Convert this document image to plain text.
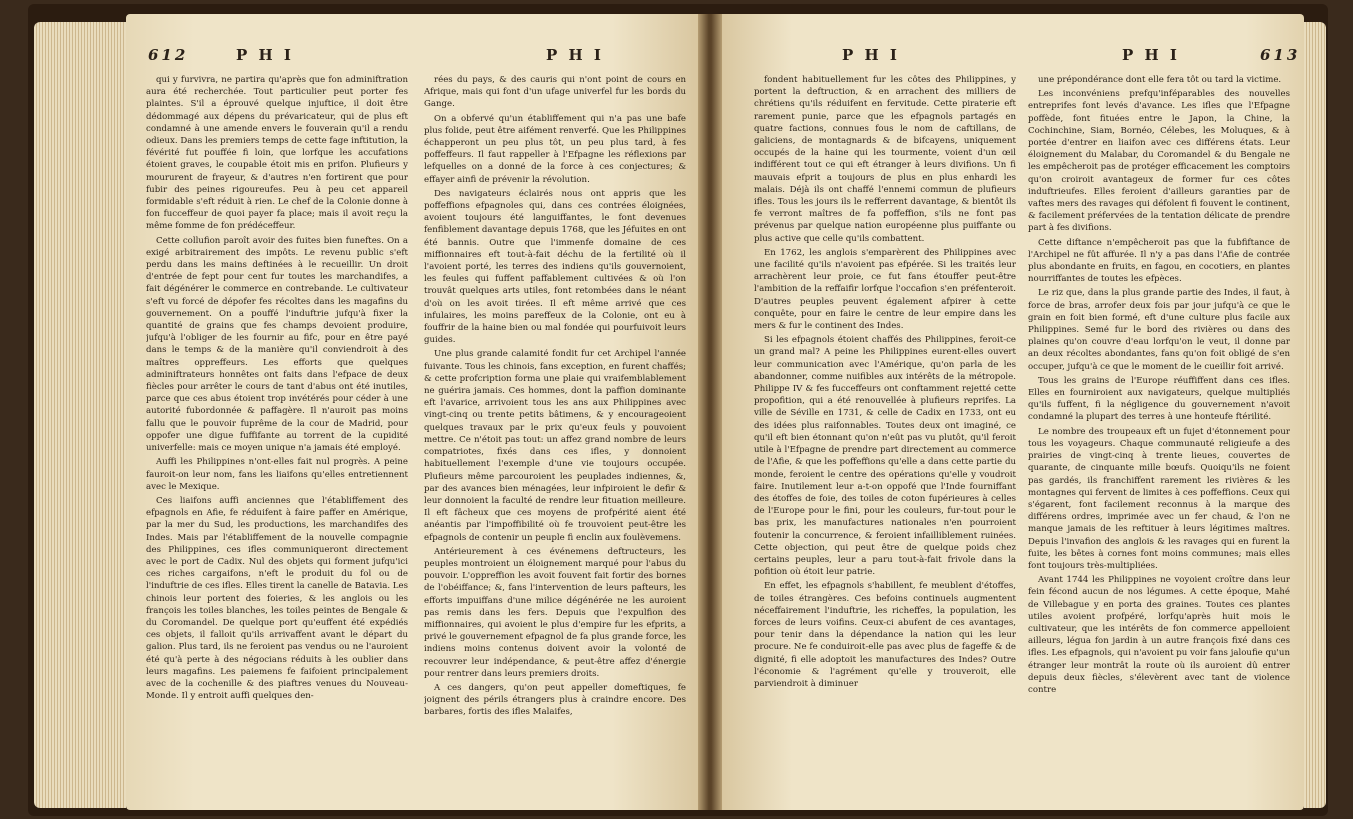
612	P H I	P H I

qui y furvivra, ne partira qu'après que fon adminiftration aura été recherchée. Tout particulier peut porter fes plaintes. S'il a éprouvé quelque injuftice, il doit être dédommagé aux dépens du prévaricateur, qui de plus eft condamné à une amende envers le fouverain qu'il a rendu odieux. Dans les premiers temps de cette fage inftitution, la févérité fut pouffée fi loin, que lorfque les accufations étoient graves, le coupable étoit mis en prifon. Plufieurs y moururent de frayeur, & d'autres n'en fortirent que pour fubir des peines rigoureufes. Peu à peu cet appareil formidable s'eft réduit à rien. Le chef de la Colonie donne à fon fucceffeur de quoi payer fa place; mais il avoit reçu la même fomme de fon prédéceffeur.

Cette collufion paroît avoir des fuites bien funeftes. On a exigé arbitrairement des impôts. Le revenu public s'eft perdu dans les mains deftinées à le recueillir. Un droit d'entrée de fept pour cent fur toutes les marchandifes, a fait dégénérer le commerce en contrebande. Le cultivateur s'eft vu forcé de dépofer fes récoltes dans les magafins du gouvernement. On a pouffé l'induftrie jufqu'à fixer la quantité de grains que fes champs devoient produire, jufqu'à l'obliger de les fournir au fifc, pour en être payé dans le temps & de la manière qu'il conviendroit à des maîtres oppreffeurs. Les efforts que quelques adminiftrateurs honnêtes ont faits dans l'efpace de deux fiècles pour arrêter le cours de tant d'abus ont été inutiles, parce que ces abus étoient trop invétérés pour céder à une autorité fubordonnée & paffagère. Il n'auroit pas moins fallu que le pouvoir fuprême de la cour de Madrid, pour oppofer une digue fuffifante au torrent de la cupidité univerfelle: mais ce moyen unique n'a jamais été employé.

Auffi les Philippines n'ont-elles fait nul progrès. A peine fauroit-on leur nom, fans les liaifons qu'elles entretiennent avec le Mexique.

Ces liaifons auffi anciennes que l'établiffement des efpagnols en Afie, fe réduifent à faire paffer en Amérique, par la mer du Sud, les productions, les marchandifes des Indes. Mais par l'établiffement de la nouvelle compagnie des Philippines, ces ifles communiqueront directement avec le port de Cadix. Nul des objets qui forment jufqu'ici ces riches cargaifons, n'eft le produit du fol ou de l'induftrie de ces ifles. Elles tirent la canelle de Batavia. Les chinois leur portent des foieries, & les anglois ou les françois les toiles blanches, les toiles peintes de Bengale & du Coromandel. De quelque port qu'euffent été expédiés ces objets, il falloit qu'ils arrivaffent avant le départ du galion. Plus tard, ils ne feroient pas vendus ou ne l'auroient été qu'à perte à des négocians réduits à les oublier dans leurs magafins. Les paiemens fe faifoient principalement avec de la cochenille & des piaftres venues du Nouveau-Monde. Il y entroit auffi quelques den-

rées du pays, & des cauris qui n'ont point de cours en Afrique, mais qui font d'un ufage univerfel fur les bords du Gange.

On a obfervé qu'un établiffement qui n'a pas une bafe plus folide, peut être aifément renverfé. Que les Philippines échapperont un peu plus tôt, un peu plus tard, à fes poffeffeurs. Il faut rappeller à l'Efpagne les réflexions par lefquelles on a donné de la force à ces conjectures; & effayer ainfi de prévenir la révolution.

Des navigateurs éclairés nous ont appris que les poffeffions efpagnoles qui, dans ces contrées éloignées, avoient toujours été languiffantes, le font devenues fenfiblement davantage depuis 1768, que les Jéfuites en ont été bannis. Outre que l'immenfe domaine de ces miffionnaires eft tout-à-fait déchu de la fertilité où il l'avoient porté, les terres des indiens qu'ils gouvernoient, les feules qui fuffent paffablement cultivées & où l'on trouvât quelques arts utiles, font retombées dans le néant d'où on les avoit tirées. Il eft même arrivé que ces infulaires, les moins pareffeux de la Colonie, ont eu à fouffrir de la haine bien ou mal fondée qui pourfuivoit leurs guides.

Une plus grande calamité fondit fur cet Archipel l'année fuivante. Tous les chinois, fans exception, en furent chaffés; & cette profcription forma une plaie qui vraifemblablement ne guérira jamais. Ces hommes, dont la paffion dominante eft l'avarice, arrivoient tous les ans aux Philippines avec vingt-cinq ou trente petits bâtimens, & y encourageoient quelques travaux par le prix qu'eux feuls y pouvoient mettre. Ce n'étoit pas tout: un affez grand nombre de leurs compatriotes, fixés dans ces ifles, y donnoient habituellement l'exemple d'une vie toujours occupée. Plufieurs même parcouroient les peuplades indiennes, &, par des avances bien ménagées, leur infpiroient le defir & leur donnoient la faculté de rendre leur fituation meilleure. Il eft fâcheux que ces moyens de profpérité aient été anéantis par l'impoffibilité où fe trouvoient peut-être les efpagnols de contenir un peuple fi enclin aux foulèvemens.

Antérieurement à ces événemens deftructeurs, les peuples montroient un éloignement marqué pour l'abus du pouvoir. L'oppreffion les avoit fouvent fait fortir des bornes de l'obéiffance; &, fans l'intervention de leurs pafteurs, les efforts impuiffans d'une milice dégénérée ne les auroient pas remis dans les fers. Depuis que l'expulfion des miffionnaires, qui avoient le plus d'empire fur les efprits, a privé le gouvernement efpagnol de fa plus grande force, les indiens moins contenus doivent avoir la volonté de recouvrer leur indépendance, & peut-être affez d'énergie pour rentrer dans leurs premiers droits.

A ces dangers, qu'on peut appeller domeftiques, fe joignent des périls étrangers plus à craindre encore. Des barbares, fortis des ifles Malaifes,

P H I	P H I	613

fondent habituellement fur les côtes des Philippines, y portent la deftruction, & en arrachent des milliers de chrétiens qu'ils réduifent en fervitude. Cette piraterie eft rarement punie, parce que les efpagnols partagés en quatre factions, connues fous le nom de caftillans, de galiciens, de montagnards & de bifcayens, uniquement occupés de la haine qui les tourmente, voient d'un œil indifférent tout ce qui eft étranger à leurs divifions. Un fi mauvais efprit a toujours de plus en plus enhardi les malais. Déjà ils ont chaffé l'ennemi commun de plufieurs ifles. Tous les jours ils le refferrent davantage, & bientôt ils fe verront maîtres de fa poffeffion, s'ils ne font pas prévenus par quelque nation européenne plus puiffante ou plus active que celle qu'ils combattent.

En 1762, les anglois s'emparèrent des Philippines avec une facilité qu'ils n'avoient pas efpérée. Si les traités leur arrachèrent leur proie, ce fut fans étouffer peut-être l'ambition de la reffaifir lorfque l'occafion s'en préfenteroit. D'autres peuples peuvent également afpirer à cette conquête, pour en faire le centre de leur empire dans les mers & fur le continent des Indes.

Si les efpagnols étoient chaffés des Philippines, feroit-ce un grand mal? A peine les Philippines eurent-elles ouvert leur communication avec l'Amérique, qu'on parla de les abandonner, comme nuifibles aux intérêts de la métropole. Philippe IV & fes fucceffeurs ont conftamment rejetté cette propofition, qui a été renouvellée à plufieurs reprifes. La ville de Séville en 1731, & celle de Cadix en 1733, ont eu des idées plus raifonnables. Toutes deux ont imaginé, ce qu'il eft bien étonnant qu'on n'eût pas vu plutôt, qu'il feroit utile à l'Efpagne de prendre part directement au commerce de l'Afie, & que les poffeffions qu'elle a dans cette partie du monde, feroient le centre des opérations qu'elle y voudroit faire. Inutilement leur a-t-on oppofé que l'Inde fourniffant des étoffes de foie, des toiles de coton fupérieures à celles de l'Europe pour le fini, pour les couleurs, fur-tout pour le bas prix, les manufactures nationales n'en pourroient foutenir la concurrence, & feroient infailliblement ruinées. Cette objection, qui peut être de quelque poids chez certains peuples, leur a paru tout-à-fait frivole dans la pofition où étoit leur patrie.

En effet, les efpagnols s'habillent, fe meublent d'étoffes, de toiles étrangères. Ces befoins continuels augmentent néceffairement l'induftrie, les richeffes, la population, les forces de leurs voifins. Ceux-ci abufent de ces avantages, pour tenir dans la dépendance la nation qui les leur procure. Ne fe conduiroit-elle pas avec plus de fageffe & de dignité, fi elle adoptoit les manufactures des Indes? Outre l'économie & l'agrément qu'elle y trouveroit, elle parviendroit à diminuer

une prépondérance dont elle fera tôt ou tard la victime.

Les inconvéniens prefqu'inféparables des nouvelles entreprifes font levés d'avance. Les ifles que l'Efpagne poffède, font fituées entre le Japon, la Chine, la Cochinchine, Siam, Bornéo, Célebes, les Moluques, & à portée d'entrer en liaifon avec ces différens états. Leur éloignement du Malabar, du Coromandel & du Bengale ne les empêcheroit pas de protéger efficacement les comptoirs qu'on croiroit avantageux de former fur ces côtes induftrieufes. Elles feroient d'ailleurs garanties par de vaftes mers des ravages qui défolent fi fouvent le continent, & facilement préfervées de la tentation délicate de prendre part à fes divifions.

Cette diftance n'empêcheroit pas que la fubfiftance de l'Archipel ne fût affurée. Il n'y a pas dans l'Afie de contrée plus abondante en fruits, en fagou, en cocotiers, en plantes nourriffantes de toutes les efpèces.

Le riz que, dans la plus grande partie des Indes, il faut, à force de bras, arrofer deux fois par jour jufqu'à ce que le grain en foit bien formé, eft d'une culture plus facile aux Philippines. Semé fur le bord des rivières ou dans des plaines qu'on couvre d'eau lorfqu'on le veut, il donne par an deux récoltes abondantes, fans qu'on foit obligé de s'en occuper, jufqu'à ce que le moment de le cueillir foit arrivé.

Tous les grains de l'Europe réuffiffent dans ces ifles. Elles en fourniroient aux navigateurs, quelque multipliés qu'ils fuffent, fi la négligence du gouvernement n'avoit condamné la plupart des terres à une honteufe ftérilité.

Le nombre des troupeaux eft un fujet d'étonnement pour tous les voyageurs. Chaque communauté religieufe a des prairies de vingt-cinq à trente lieues, couvertes de quarante, de cinquante mille bœufs. Quoiqu'ils ne foient pas gardés, ils franchiffent rarement les rivières & les montagnes qui fervent de limites à ces poffeffions. Ceux qui s'égarent, font facilement reconnus à la marque des différens ordres, imprimée avec un fer chaud, & l'on ne manque jamais de les reftituer à leurs légitimes maîtres. Depuis l'invafion des anglois & les ravages qui en furent la fuite, les bêtes à cornes font moins communes; mais elles font toujours très-multipliées.

Avant 1744 les Philippines ne voyoient croître dans leur fein fécond aucun de nos légumes. A cette époque, Mahé de Villebague y en porta des graines. Toutes ces plantes utiles avoient profpéré, lorfqu'après huit mois le cultivateur, que les intérêts de fon commerce appelloient ailleurs, légua fon jardin à un autre françois fixé dans ces ifles. Les efpagnols, qui n'avoient pu voir fans jaloufie qu'un étranger leur montrât la route où ils auroient dû entrer depuis deux fiècles, s'élevèrent avec tant de violence contre
